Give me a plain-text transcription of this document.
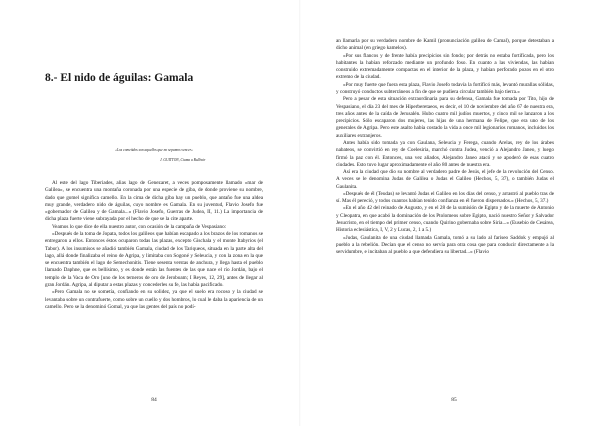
8.- El nido de águilas: Gamala
«Los cometidos son aquellos que no sepamos vencer»
J. GUITTON, Ciama a Bulliwir

Al este del lago Tiberiades, alias lago de Genezaret, a veces pomposamente llamado «mar de Galilea», se encuentra una montaña coronada por una especie de giba, de donde proviene su nombre, dado que gomel significa camello. En la cima de dicha giba hay un pueblo, que antaño fue una aldea muy grande, verdadero nido de águilas, cuyo nombre es Gamala. En su juventud, Flavio Josefo fue «gobernador de Galilea y de Gamala...» (Flavio Josefo, Guerras de Judea, II, 11.) La importancia de dicha plaza fuerte viene subrayada por el hecho de que se la cite aparte.

Veamos lo que dice de ella nuestro autor, con ocasión de la campaña de Vespasiano:

«Después de la toma de Jopata, todos los galileos que habían escapado a los brazos de los romanos se entregaron a ellos. Entonces éstos ocuparon todas las plazas, excepto Gischala y el monte Itabyrios (el Tabor). A los insumisos se añadió también Gamala, ciudad de los Tariqueos, situada en la parte alta del lago, allá donde finalizaba el reino de Agripa, y limitaba con Sogoné y Seleucia, y con la zona en la que se encuentra también el lago de Semechonitis. Tiene sesenta verstas de anchura, y llega hasta el pueblo llamado Daphne, que es bellísimo, y es donde están las fuentes de las que nace el río Jordán, bajo el templo de la Vaca de Oro [uno de los terneros de oro de Jeroboam; I Reyes, 12, 29], antes de llegar al gran Jordán. Agripa, al diputar a estas plazas y concederles su fe, las había pacificado.

«Pero Gamala no se sometía, confiando en su solidez, ya que el suelo era rocoso y la ciudad se levantaba sobre un contrafuerte, como sobre un cuello y dos hombros, lo cual le daba la apariencia de un camello. Pero se la denominó Gomal, ya que las gentes del país no podí-

84

an llamarla por su verdadero nombre de Kamil (pronunciación galilea de Camal), porque detestaban a dicho animal (en griego kamelos).

«Por sus flancos y de frente había precipicios sin fondo; por detrás no estaba fortificada, pero los habitantes la habían reforzado mediante un profundo foso. En cuanto a las viviendas, las habían construido extremadamente compactas en el interior de la plaza, y habían perforado pozos en el otro extremo de la ciudad.

«Por muy fuerte que fuera esta plaza, Flavio Josefo todavía la fortificó más, levantó murallas sólidas, y construyó conductos subterráneos a fin de que se pudiera circular también bajo tierra.»

Pero a pesar de esta situación extraordinaria para su defensa, Gamala fue tomada por Tito, hijo de Vespasiano, el día 23 del mes de Hiperberetaeos, es decir, el 10 de noviembre del año 67 de nuestra era, tres años antes de la caída de Jerusalén. Hubo cuatro mil judíos muertos, y cinco mil se lanzaron a los precipicios. Sólo escaparon dos mujeres, las hijas de una hermana de Felipe, que era uno de los generales de Agripa. Pero este asalto había costado la vida a once mil legionarios romanos, incluidos los auxiliares extranjeros.

Antes había sido tomada ya con Gaulana, Seleucia y Ferega, cuando Arelas, rey de los árabes nabateos, se convirtió en rey de Coelesiria, marchó contra Judea, venció a Alejandro Janeo, y luego firmó la paz con él. Entonces, una vez aliados, Alejandro Janeo atacó y se apoderó de esas cuatro ciudades. Esto tuvo lugar aproximadamente el año 80 antes de nuestra era.

Así era la ciudad que dio su nombre al verdadero padre de Jesús, el jefe de la revolución del Censo. A veces se le denomina Judas de Galilea o Judas el Galileo (Hechos, 5, 37), o también Judas el Gaulanita.

«Después de él (Teudas) se levantó Judas el Galileo en los días del censo, y arrastró al pueblo tras de sí. Mas él pereció, y todos cuantos habían tenido confianza en él fueron dispersados.» (Hechos, 5, 37.)

«En el año 42 del reinado de Augusto, y en el 28 de la sumisión de Egipto y de la muerte de Antonio y Cleopatra, en que acabó la dominación de los Ptolomeos sobre Egipto, nació nuestro Señor y Salvador Jesucristo, en el tiempo del primer censo, cuando Quirino gobernaba sobre Siria...» (Eusebio de Cesárea, Historia eclesiástica, I, V, 2 y Lucas, 2, 1 a 5.)

«Judas, Gaulanita de una ciudad llamada Gamala, tomó a su lado al fariseo Saddok y empujó al pueblo a la rebelión. Decían que el censo no servía para otra cosa que para conducir directamente a la servidumbre, e incitaban al pueblo a que defendiera su libertad...» (Flavio

85
